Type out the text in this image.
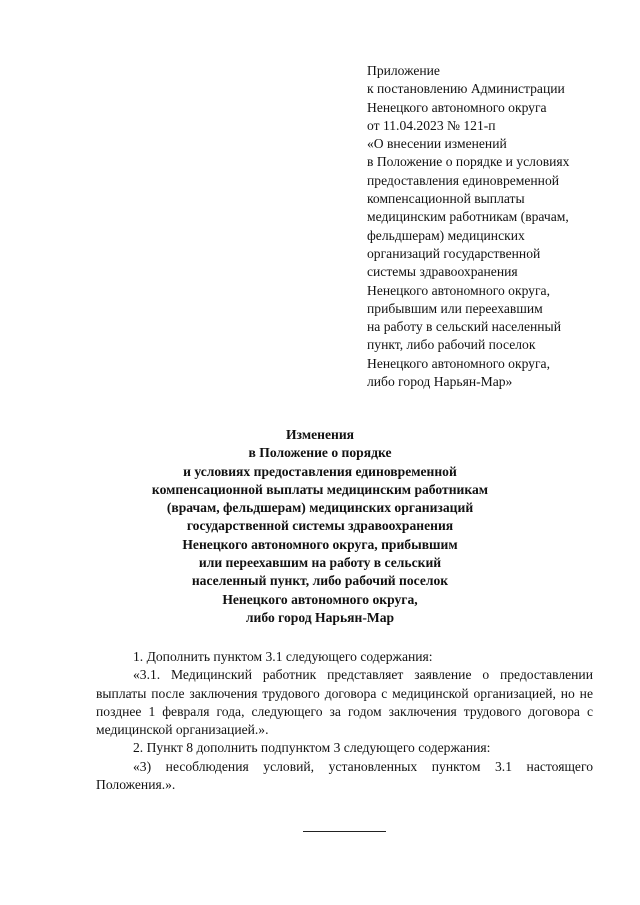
Приложение
к постановлению Администрации
Ненецкого автономного округа
от 11.04.2023 № 121-п
«О внесении изменений
в Положение о порядке и условиях
предоставления единовременной
компенсационной выплаты
медицинским работникам (врачам,
фельдшерам) медицинских
организаций государственной
системы здравоохранения
Ненецкого автономного округа,
прибывшим или переехавшим
на работу в сельский населенный
пункт, либо рабочий поселок
Ненецкого автономного округа,
либо город Нарьян-Мар»
Изменения
в Положение о порядке
и условиях предоставления единовременной
компенсационной выплаты медицинским работникам
(врачам, фельдшерам) медицинских организаций
государственной системы здравоохранения
Ненецкого автономного округа, прибывшим
или переехавшим на работу в сельский
населенный пункт, либо рабочий поселок
Ненецкого автономного округа,
либо город Нарьян-Мар

1. Дополнить пунктом 3.1 следующего содержания:

«3.1. Медицинский работник представляет заявление о предоставлении выплаты после заключения трудового договора с медицинской организацией, но не позднее 1 февраля года, следующего за годом заключения трудового договора с медицинской организацией.».

2. Пункт 8 дополнить подпунктом 3 следующего содержания:

«3) несоблюдения условий, установленных пунктом 3.1 настоящего Положения.».
